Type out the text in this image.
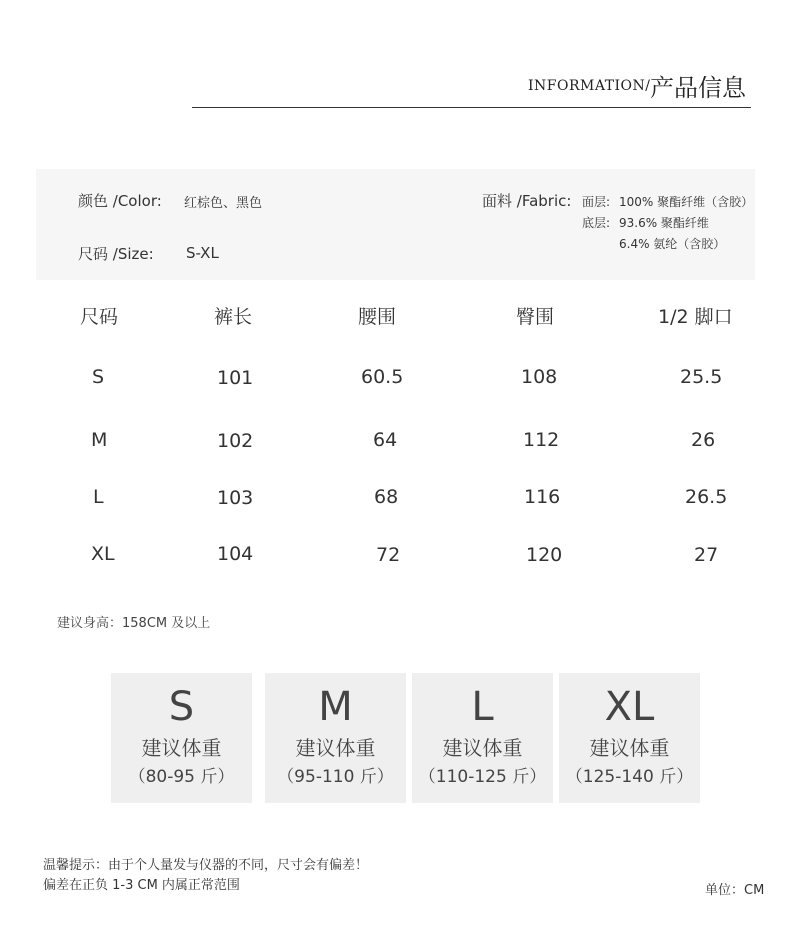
INFORMATION/ 产品信息
颜色 /Color: 红棕色、黑色
尺码 /Size: S-XL
面料 /Fabric: 面层: 100% 聚酯纤维（含胶）
底层: 93.6% 聚酯纤维
6.4% 氨纶（含胶）
尺码	裤长	腰围	臀围	1/2 脚口
S	101	60.5	108	25.5
M	102	64	112	26
L	103	68	116	26.5
XL	104	72	120	27
建议身高：158CM 及以上
S
建议体重
（80-95 斤）
M
建议体重
（95-110 斤）
L
建议体重
（110-125 斤）
XL
建议体重
（125-140 斤）
温馨提示：由于个人量发与仪器的不同，尺寸会有偏差！
偏差在正负 1-3 CM 内属正常范围	单位：CM
